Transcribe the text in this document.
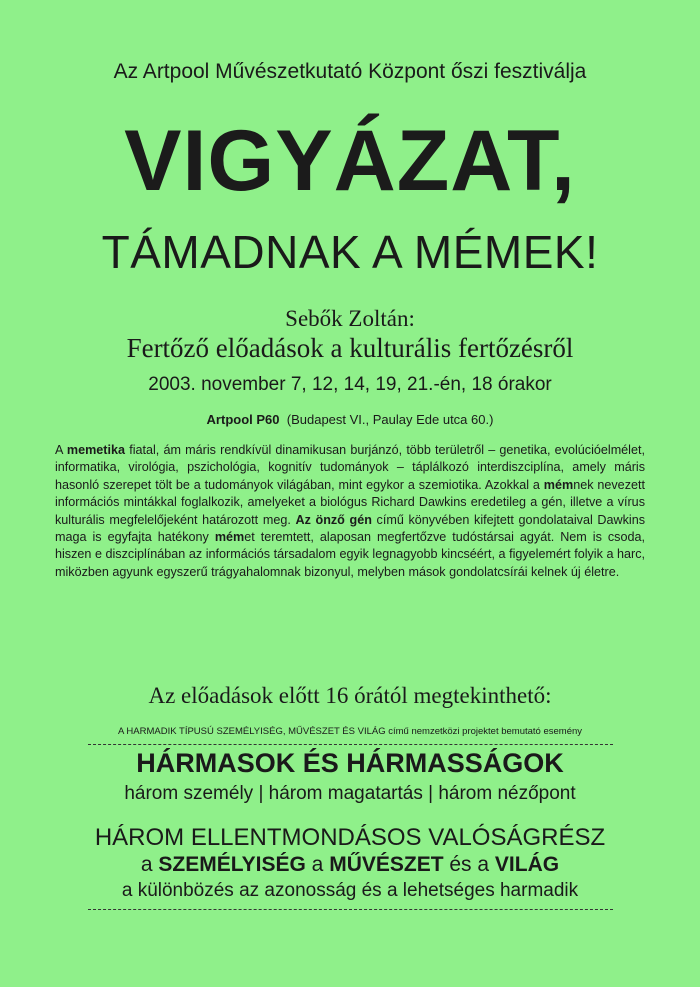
Az Artpool Művészetkutató Központ őszi fesztiválja
VIGYÁZAT,
TÁMADNAK A MÉMEK!
Sebők Zoltán:
Fertőző előadások a kulturális fertőzésről
2003. november 7, 12, 14, 19, 21.-én, 18 órakor
Artpool P60 (Budapest VI., Paulay Ede utca 60.)
A memetika fiatal, ám máris rendkívül dinamikusan burjánzó, több területről – genetika, evolúcióelmélet, informatika, virológia, pszichológia, kognitív tudományok – táplálkozó interdiszciplína, amely máris hasonló szerepet tölt be a tudományok világában, mint egykor a szemiotika. Azokkal a mémnek nevezett információs mintákkal foglalkozik, amelyeket a biológus Richard Dawkins eredetileg a gén, illetve a vírus kulturális megfelelőjeként határozott meg. Az önző gén című könyvében kifejtett gondolataival Dawkins maga is egyfajta hatékony mémet teremtett, alaposan megfertőzve tudóstársai agyát. Nem is csoda, hiszen e diszciplínában az információs társadalom egyik legnagyobb kincséért, a figyelemért folyik a harc, miközben agyunk egyszerű trágyahalomnak bizonyul, melyben mások gondolatcsírái kelnek új életre.
Az előadások előtt 16 órától megtekinthető:
A HARMADIK TÍPUSÚ SZEMÉLYISÉG, MŰVÉSZET ÉS VILÁG című nemzetközi projektet bemutató esemény
HÁRMASOK ÉS HÁRMASSÁGOK
három személy | három magatartás | három nézőpont
HÁROM ELLENTMONDÁSOS VALÓSÁGRÉSZ
a SZEMÉLYISÉG a MŰVÉSZET és a VILÁG
a különbözés az azonosság és a lehetséges harmadik
